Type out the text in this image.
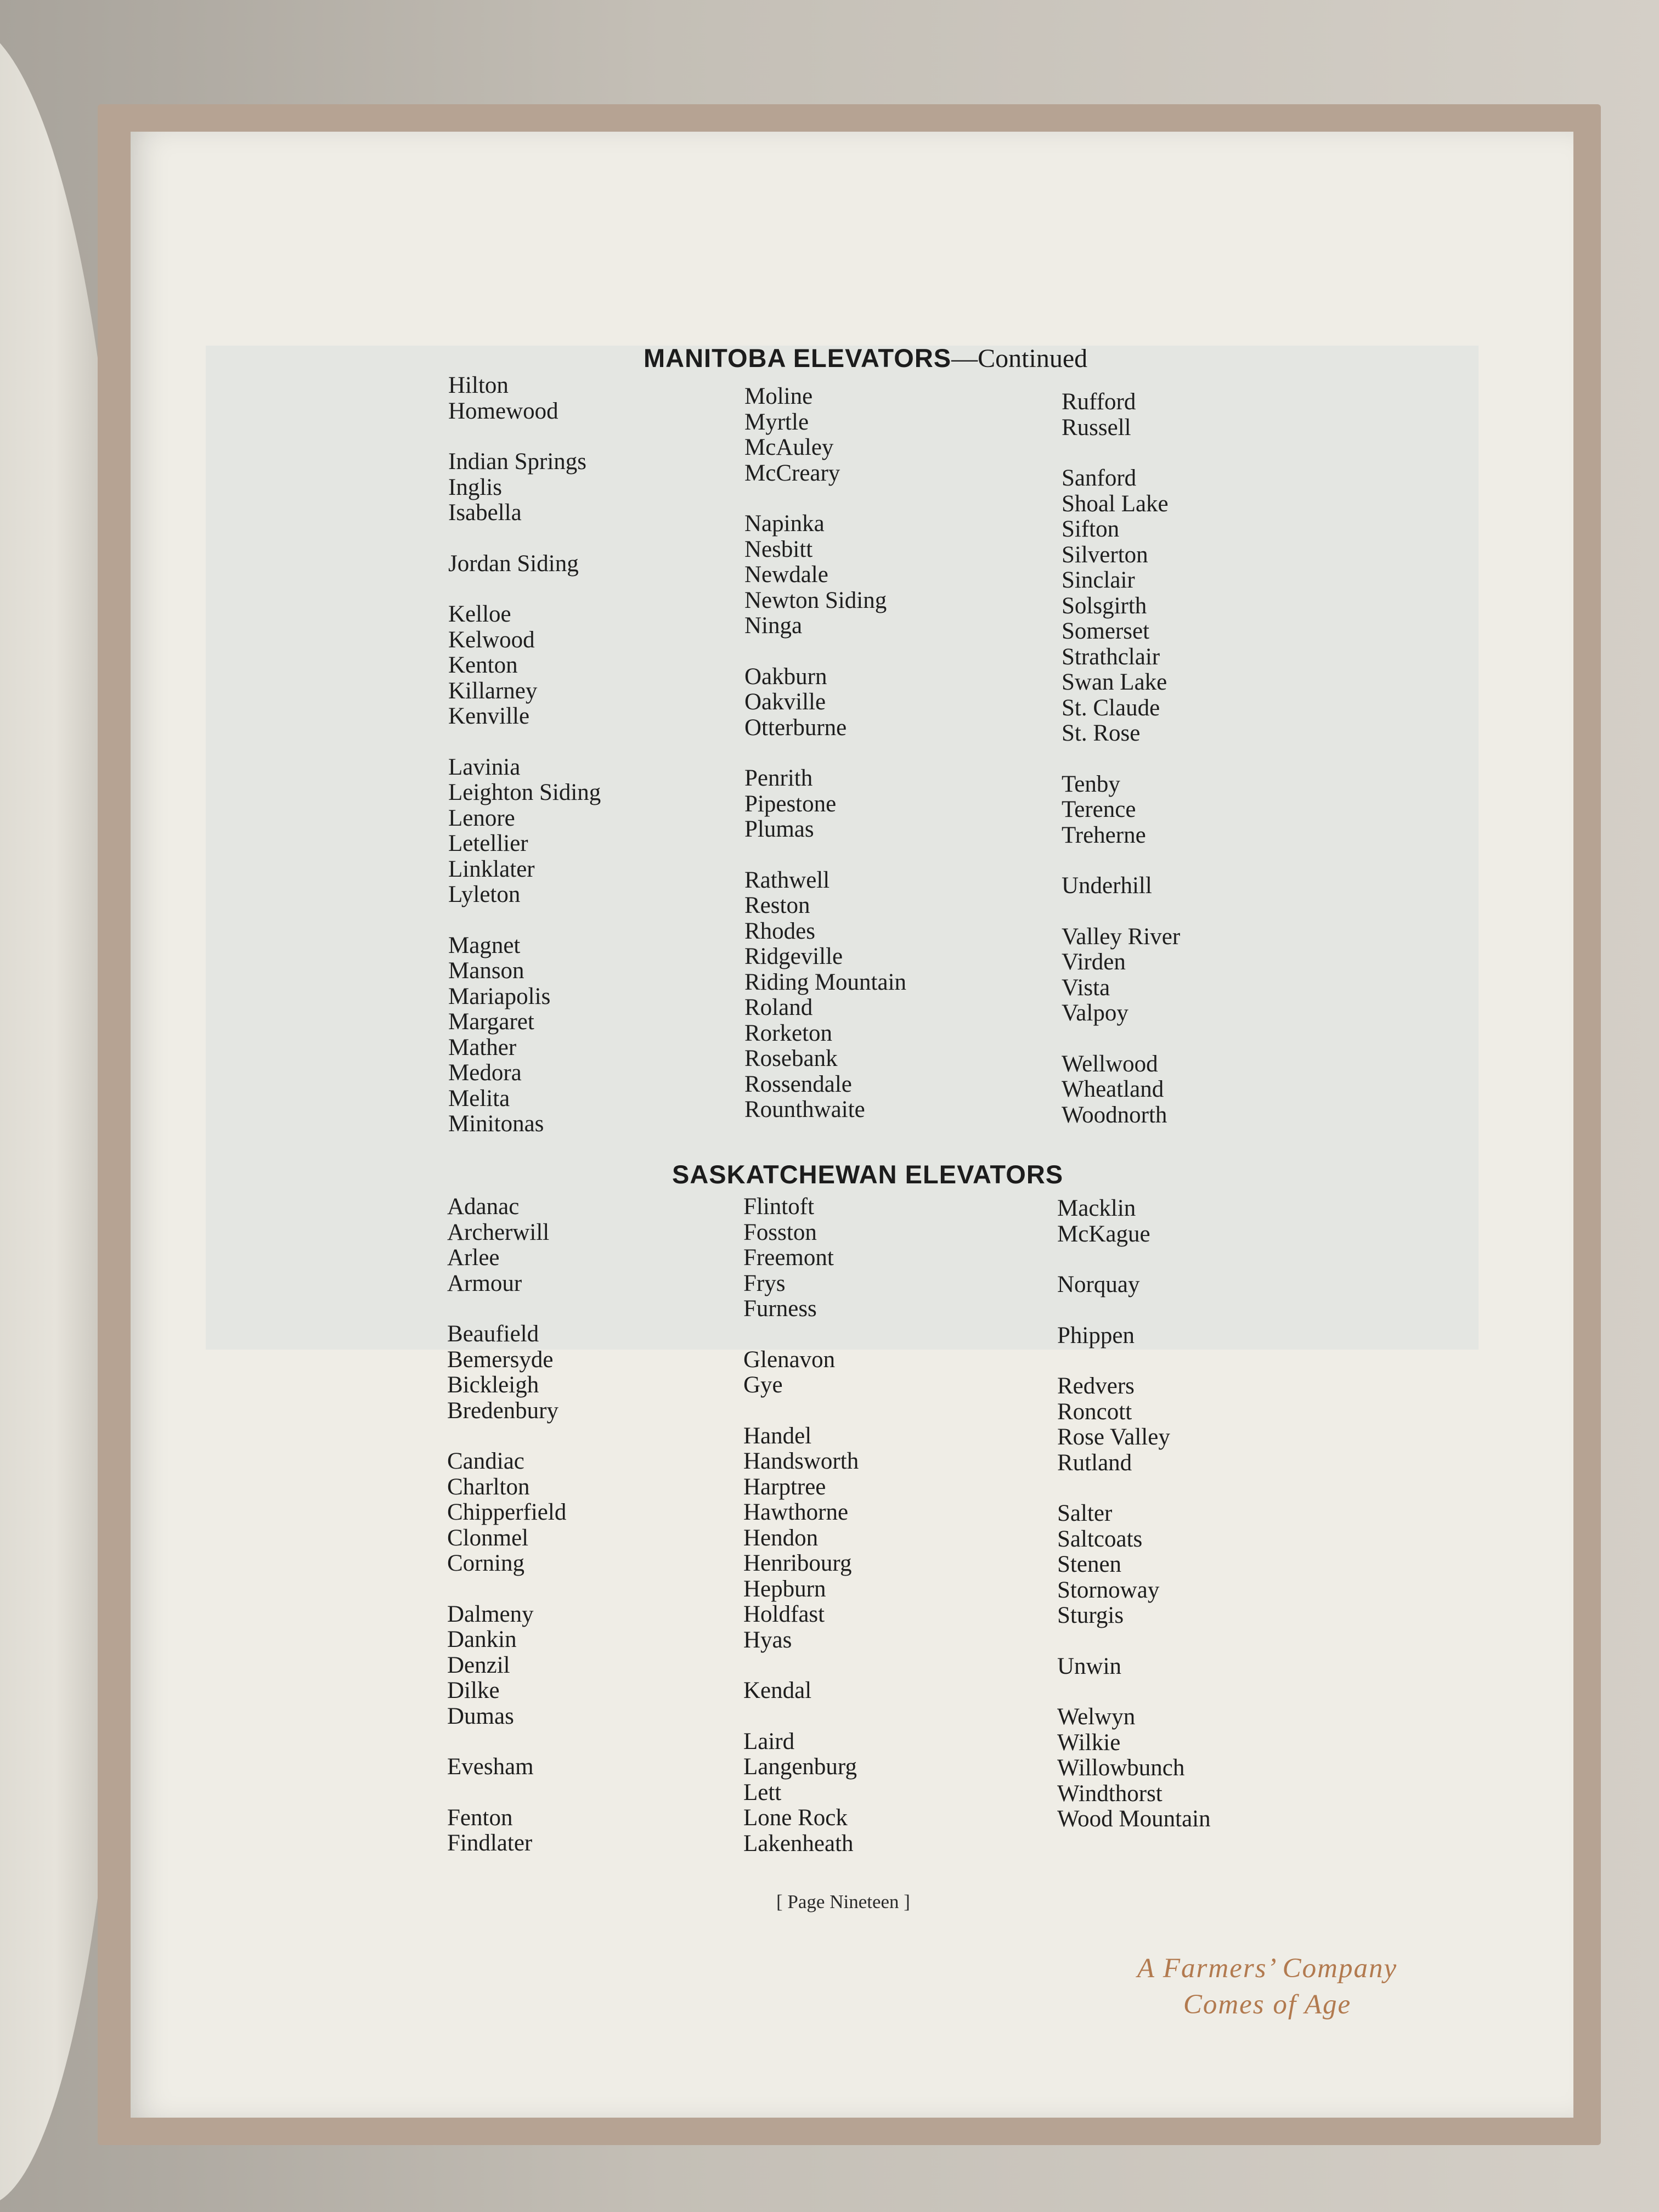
MANITOBA ELEVATORS—Continued
Hilton
Homewood
Indian Springs
Inglis
Isabella
Jordan Siding
Kelloe
Kelwood
Kenton
Killarney
Kenville
Lavinia
Leighton Siding
Lenore
Letellier
Linklater
Lyleton
Magnet
Manson
Mariapolis
Margaret
Mather
Medora
Melita
Minitonas
Moline
Myrtle
McAuley
McCreary
Napinka
Nesbitt
Newdale
Newton Siding
Ninga
Oakburn
Oakville
Otterburne
Penrith
Pipestone
Plumas
Rathwell
Reston
Rhodes
Ridgeville
Riding Mountain
Roland
Rorketon
Rosebank
Rossendale
Rounthwaite
Rufford
Russell
Sanford
Shoal Lake
Sifton
Silverton
Sinclair
Solsgirth
Somerset
Strathclair
Swan Lake
St. Claude
St. Rose
Tenby
Terence
Treherne
Underhill
Valley River
Virden
Vista
Valpoy
Wellwood
Wheatland
Woodnorth
SASKATCHEWAN ELEVATORS
Adanac
Archerwill
Arlee
Armour
Beaufield
Bemersyde
Bickleigh
Bredenbury
Candiac
Charlton
Chipperfield
Clonmel
Corning
Dalmeny
Dankin
Denzil
Dilke
Dumas
Evesham
Fenton
Findlater
Flintoft
Fosston
Freemont
Frys
Furness
Glenavon
Gye
Handel
Handsworth
Harptree
Hawthorne
Hendon
Henribourg
Hepburn
Holdfast
Hyas
Kendal
Laird
Langenburg
Lett
Lone Rock
Lakenheath
Macklin
McKague
Norquay
Phippen
Redvers
Roncott
Rose Valley
Rutland
Salter
Saltcoats
Stenen
Stornoway
Sturgis
Unwin
Welwyn
Wilkie
Willowbunch
Windthorst
Wood Mountain
[ Page Nineteen ]
A Farmers’ Company
Comes of Age
